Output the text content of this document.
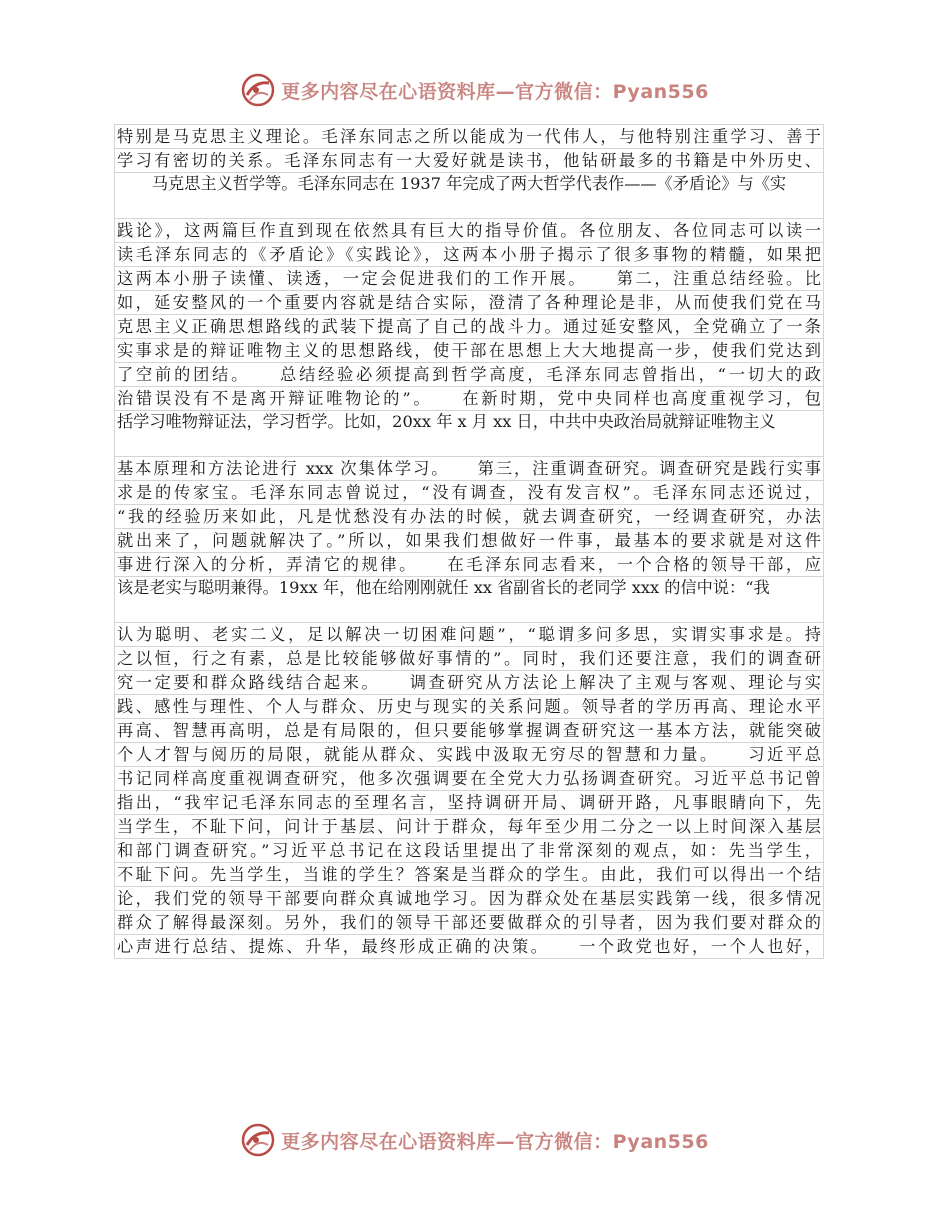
更多内容尽在心语资料库—官方微信：Pyan556
特别是马克思主义理论。毛泽东同志之所以能成为一代伟人，与他特别注重学习、善于
学习有密切的关系。毛泽东同志有一大爱好就是读书，他钻研最多的书籍是中外历史、
马克思主义哲学等。毛泽东同志在 1937 年完成了两大哲学代表作——《矛盾论》与《实
践论》，这两篇巨作直到现在依然具有巨大的指导价值。各位朋友、各位同志可以读一
读毛泽东同志的《矛盾论》《实践论》，这两本小册子揭示了很多事物的精髓，如果把
这两本小册子读懂、读透，一定会促进我们的工作开展。　　第二，注重总结经验。比
如，延安整风的一个重要内容就是结合实际，澄清了各种理论是非，从而使我们党在马
克思主义正确思想路线的武装下提高了自己的战斗力。通过延安整风，全党确立了一条
实事求是的辩证唯物主义的思想路线，使干部在思想上大大地提高一步，使我们党达到
了空前的团结。　　总结经验必须提高到哲学高度，毛泽东同志曾指出，“一切大的政
治错误没有不是离开辩证唯物论的”。　　在新时期，党中央同样也高度重视学习，包
括学习唯物辩证法，学习哲学。比如，20xx 年 x 月 xx 日，中共中央政治局就辩证唯物主义
基本原理和方法论进行 xxx 次集体学习。　　第三，注重调查研究。调查研究是践行实事
求是的传家宝。毛泽东同志曾说过，“没有调查，没有发言权”。毛泽东同志还说过，
“我的经验历来如此，凡是忧愁没有办法的时候，就去调查研究，一经调查研究，办法
就出来了，问题就解决了。”所以，如果我们想做好一件事，最基本的要求就是对这件
事进行深入的分析，弄清它的规律。　　在毛泽东同志看来，一个合格的领导干部，应
该是老实与聪明兼得。19xx 年，他在给刚刚就任 xx 省副省长的老同学 xxx 的信中说：“我
认为聪明、老实二义，足以解决一切困难问题”，“聪谓多问多思，实谓实事求是。持
之以恒，行之有素，总是比较能够做好事情的”。同时，我们还要注意，我们的调查研
究一定要和群众路线结合起来。　　调查研究从方法论上解决了主观与客观、理论与实
践、感性与理性、个人与群众、历史与现实的关系问题。领导者的学历再高、理论水平
再高、智慧再高明，总是有局限的，但只要能够掌握调查研究这一基本方法，就能突破
个人才智与阅历的局限，就能从群众、实践中汲取无穷尽的智慧和力量。　　习近平总
书记同样高度重视调查研究，他多次强调要在全党大力弘扬调查研究。习近平总书记曾
指出，“我牢记毛泽东同志的至理名言，坚持调研开局、调研开路，凡事眼睛向下，先
当学生，不耻下问，问计于基层、问计于群众，每年至少用二分之一以上时间深入基层
和部门调查研究。”习近平总书记在这段话里提出了非常深刻的观点，如：先当学生，
不耻下问。先当学生，当谁的学生？答案是当群众的学生。由此，我们可以得出一个结
论，我们党的领导干部要向群众真诚地学习。因为群众处在基层实践第一线，很多情况
群众了解得最深刻。另外，我们的领导干部还要做群众的引导者，因为我们要对群众的
心声进行总结、提炼、升华，最终形成正确的决策。　　一个政党也好，一个人也好，
更多内容尽在心语资料库—官方微信：Pyan556
